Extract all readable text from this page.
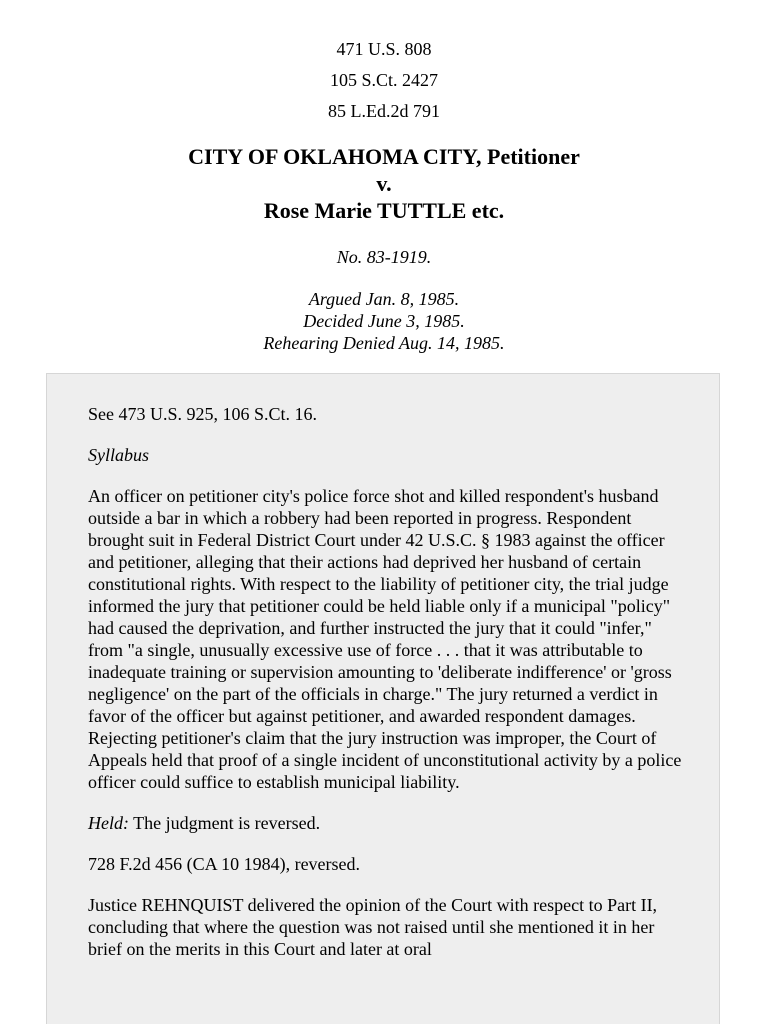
471 U.S. 808
105 S.Ct. 2427
85 L.Ed.2d 791
CITY OF OKLAHOMA CITY, Petitioner
v.
Rose Marie TUTTLE etc.
No. 83-1919.
Argued Jan. 8, 1985.
Decided June 3, 1985.
Rehearing Denied Aug. 14, 1985.

See 473 U.S. 925, 106 S.Ct. 16.

Syllabus

An officer on petitioner city's police force shot and killed respondent's husband outside a bar in which a robbery had been reported in progress. Respondent brought suit in Federal District Court under 42 U.S.C. § 1983 against the officer and petitioner, alleging that their actions had deprived her husband of certain constitutional rights. With respect to the liability of petitioner city, the trial judge informed the jury that petitioner could be held liable only if a municipal "policy" had caused the deprivation, and further instructed the jury that it could "infer," from "a single, unusually excessive use of force . . . that it was attributable to inadequate training or supervision amounting to 'deliberate indifference' or 'gross negligence' on the part of the officials in charge." The jury returned a verdict in favor of the officer but against petitioner, and awarded respondent damages. Rejecting petitioner's claim that the jury instruction was improper, the Court of Appeals held that proof of a single incident of unconstitutional activity by a police officer could suffice to establish municipal liability.

Held: The judgment is reversed.

728 F.2d 456 (CA 10 1984), reversed.

Justice REHNQUIST delivered the opinion of the Court with respect to Part II, concluding that where the question was not raised until she mentioned it in her brief on the merits in this Court and later at oral
